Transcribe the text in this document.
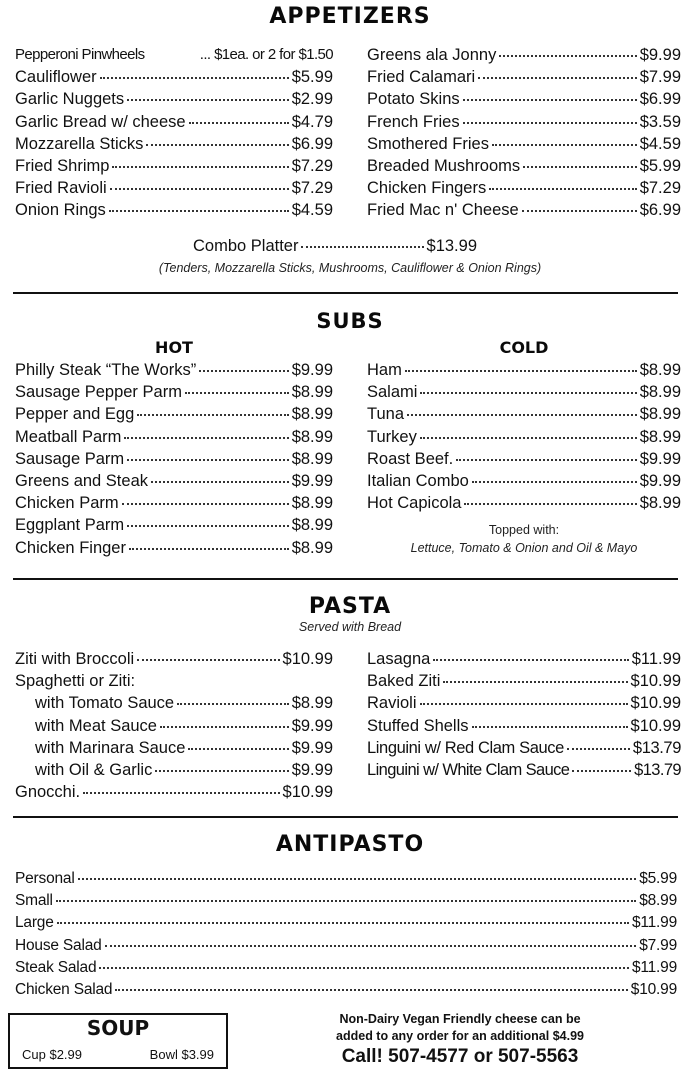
APPETIZERS
Pepperoni Pinwheels	... $1ea. or 2 for $1.50
Cauliflower	$5.99
Garlic Nuggets	$2.99
Garlic Bread w/ cheese	$4.79
Mozzarella Sticks	$6.99
Fried Shrimp	$7.29
Fried Ravioli	$7.29
Onion Rings	$4.59
Greens ala Jonny	$9.99
Fried Calamari	$7.99
Potato Skins	$6.99
French Fries	$3.59
Smothered Fries	$4.59
Breaded Mushrooms	$5.99
Chicken Fingers	$7.29
Fried Mac n' Cheese	$6.99
Combo Platter	$13.99
(Tenders, Mozzarella Sticks, Mushrooms, Cauliflower & Onion Rings)
SUBS
HOT	COLD
Philly Steak “The Works”	$9.99
Sausage Pepper Parm	$8.99
Pepper and Egg	$8.99
Meatball Parm	$8.99
Sausage Parm	$8.99
Greens and Steak	$9.99
Chicken Parm	$8.99
Eggplant Parm	$8.99
Chicken Finger	$8.99
Ham	$8.99
Salami	$8.99
Tuna	$8.99
Turkey	$8.99
Roast Beef.	$9.99
Italian Combo	$9.99
Hot Capicola	$8.99
Topped with:
Lettuce, Tomato & Onion and Oil & Mayo
PASTA
Served with Bread
Ziti with Broccoli	$10.99
Spaghetti or Ziti:
with Tomato Sauce	$8.99
with Meat Sauce	$9.99
with Marinara Sauce	$9.99
with Oil & Garlic	$9.99
Gnocchi.	$10.99
Lasagna	$11.99
Baked Ziti	$10.99
Ravioli	$10.99
Stuffed Shells	$10.99
Linguini w/ Red Clam Sauce	$13.79
Linguini w/ White Clam Sauce	$13.79
ANTIPASTO
Personal	$5.99
Small	$8.99
Large	$11.99
House Salad	$7.99
Steak Salad	$11.99
Chicken Salad	$10.99
SOUP
Cup $2.99	Bowl $3.99
Non-Dairy Vegan Friendly cheese can be
added to any order for an additional $4.99
Call! 507-4577 or 507-5563
